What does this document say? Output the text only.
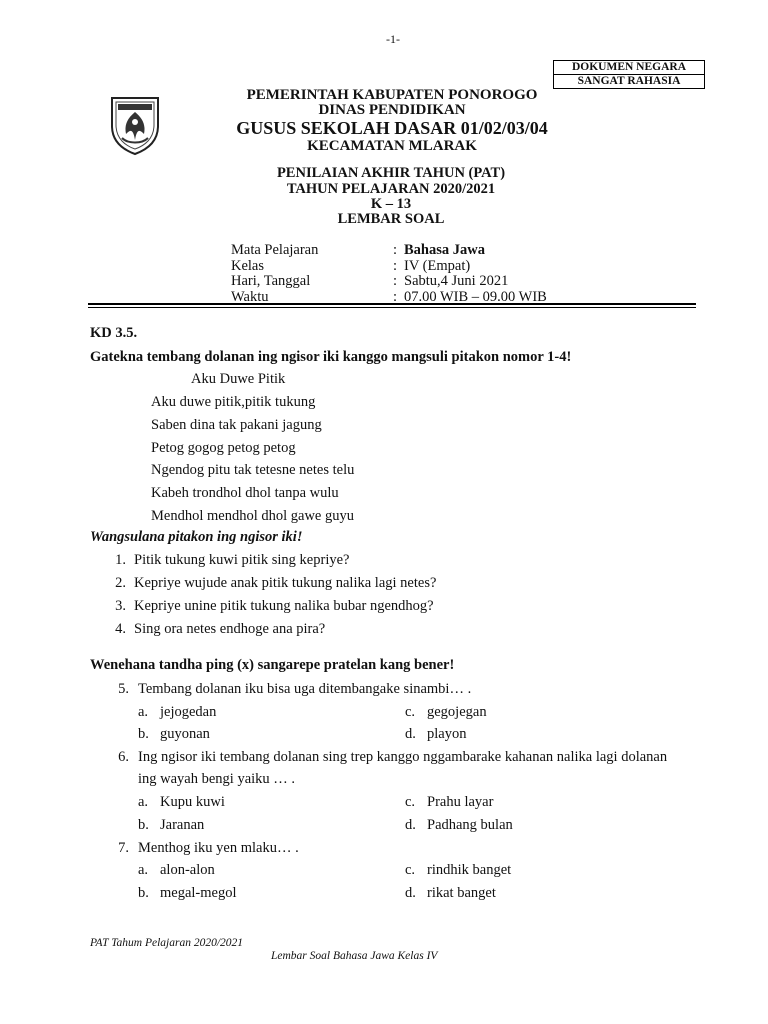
-1-
DOKUMEN NEGARA
SANGAT RAHASIA
PEMERINTAH KABUPATEN PONOROGO
DINAS PENDIDIKAN
GUSUS SEKOLAH DASAR 01/02/03/04
KECAMATAN MLARAK
PENILAIAN AKHIR TAHUN (PAT)
TAHUN PELAJARAN 2020/2021
K – 13
LEMBAR SOAL
Mata Pelajaran	: Bahasa Jawa
Kelas	: IV (Empat)
Hari, Tanggal	: Sabtu,4 Juni 2021
Waktu	: 07.00 WIB – 09.00 WIB
KD 3.5.
Gatekna tembang dolanan ing ngisor iki kanggo mangsuli pitakon nomor 1-4!
Aku Duwe Pitik
Aku duwe pitik,pitik tukung
Saben dina tak pakani jagung
Petog gogog petog petog
Ngendog pitu tak tetesne netes telu
Kabeh trondhol dhol tanpa wulu
Mendhol mendhol dhol gawe guyu
Wangsulana pitakon ing ngisor iki!
1. Pitik tukung kuwi pitik sing kepriye?
2. Kepriye wujude anak pitik tukung nalika lagi netes?
3. Kepriye unine pitik tukung nalika bubar ngendhog?
4. Sing ora netes endhoge ana pira?
Wenehana tandha ping (x) sangarepe pratelan kang bener!
5. Tembang dolanan iku bisa uga ditembangake sinambi… .
a. jejogedan	c. gegojegan
b. guyonan	d. playon
6. Ing ngisor iki tembang dolanan sing trep kanggo nggambarake kahanan nalika lagi dolanan
ing wayah bengi yaiku … .
a. Kupu kuwi	c. Prahu layar
b. Jaranan	d. Padhang bulan
7. Menthog iku yen mlaku… .
a. alon-alon	c. rindhik banget
b. megal-megol	d. rikat banget
PAT Tahum Pelajaran 2020/2021
Lembar Soal Bahasa Jawa Kelas IV
